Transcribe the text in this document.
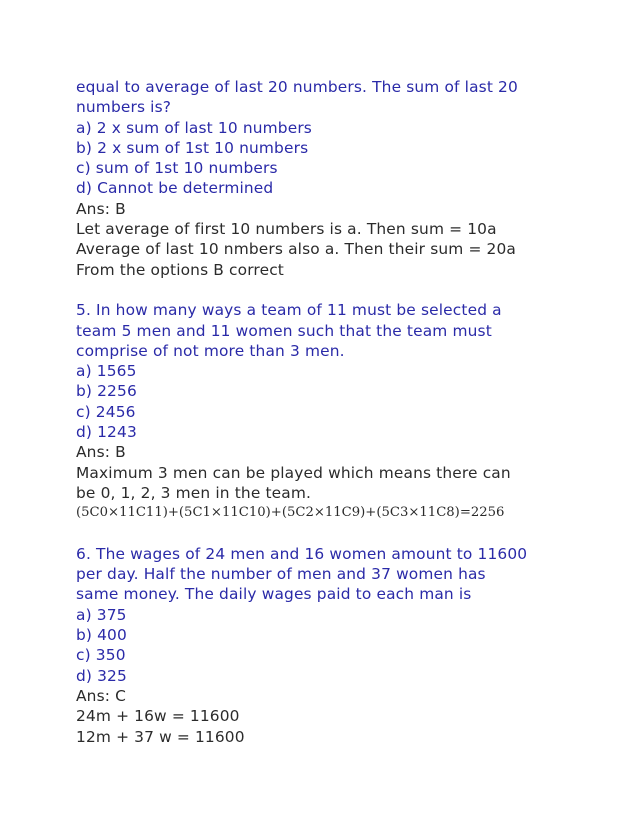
equal to average of last 20 numbers. The sum of last 20
numbers is?
a) 2 x sum of last 10 numbers
b) 2 x sum of 1st 10 numbers
c) sum of 1st 10 numbers
d) Cannot be determined
Ans: B
Let average of first 10 numbers is a. Then sum = 10a
Average of last 10 nmbers also a. Then their sum = 20a
From the options B correct
5. In how many ways a team of 11 must be selected a
team 5 men and 11 women such that the team must
comprise of not more than 3 men.
a) 1565
b) 2256
c) 2456
d) 1243
Ans: B
Maximum 3 men can be played which means there can
be 0, 1, 2, 3 men in the team.
(5C0×11C11)+(5C1×11C10)+(5C2×11C9)+(5C3×11C8)=2256
6. The wages of 24 men and 16 women amount to 11600
per day. Half the number of men and 37 women has
same money. The daily wages paid to each man is
a) 375
b) 400
c) 350
d) 325
Ans: C
24m + 16w = 11600
12m + 37 w = 11600
